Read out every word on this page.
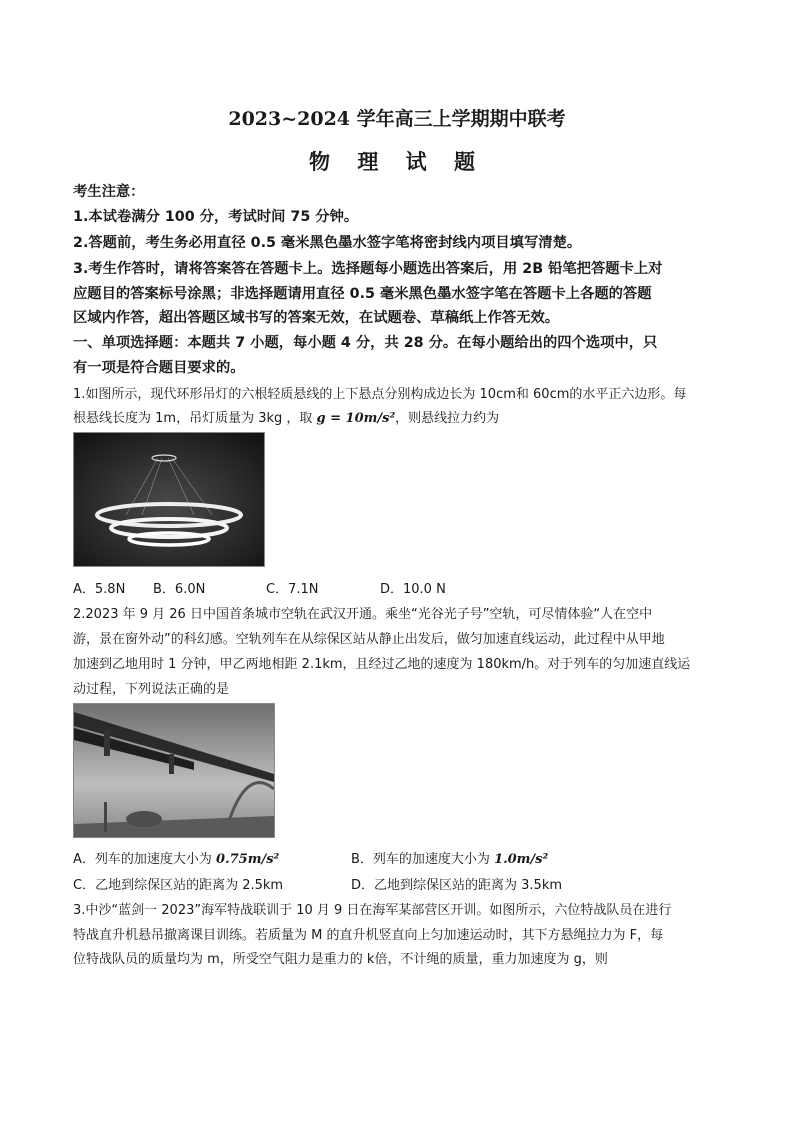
2023~2024 学年高三上学期期中联考
物 理 试 题
考生注意：
1.本试卷满分 100 分，考试时间 75 分钟。
2.答题前，考生务必用直径 0.5 毫米黑色墨水签字笔将密封线内项目填写清楚。
3.考生作答时，请将答案答在答题卡上。选择题每小题选出答案后，用 2B 铅笔把答题卡上对
应题目的答案标号涂黑；非选择题请用直径 0.5 毫米黑色墨水签字笔在答题卡上各题的答题
区域内作答，超出答题区域书写的答案无效，在试题卷、草稿纸上作答无效。
一、单项选择题：本题共 7 小题，每小题 4 分，共 28 分。在每小题给出的四个选项中，只
有一项是符合题目要求的。
1.如图所示，现代环形吊灯的六根轻质悬线的上下悬点分别构成边长为 10cm和 60cm的水平正六边形。每
根悬线长度为 1m，吊灯质量为 3kg ，取 g = 10m/s²，则悬线拉力约为
A．5.8N B．6.0N	C．7.1N	D．10.0 N
2.2023 年 9 月 26 日中国首条城市空轨在武汉开通。乘坐“光谷光子号”空轨，可尽情体验“人在空中
游，景在窗外动”的科幻感。空轨列车在从综保区站从静止出发后，做匀加速直线运动，此过程中从甲地
加速到乙地用时 1 分钟，甲乙两地相距 2.1km，且经过乙地的速度为 180km/h。对于列车的匀加速直线运
动过程，下列说法正确的是
A．列车的加速度大小为 0.75m/s²	B．列车的加速度大小为 1.0m/s²
C．乙地到综保区站的距离为 2.5km	D．乙地到综保区站的距离为 3.5km
3.中沙“蓝剑一 2023”海军特战联训于 10 月 9 日在海军某部营区开训。如图所示，六位特战队员在进行
特战直升机悬吊撤离课目训练。若质量为 M 的直升机竖直向上匀加速运动时，其下方悬绳拉力为 F，每
位特战队员的质量均为 m，所受空气阻力是重力的 k倍，不计绳的质量，重力加速度为 g，则
